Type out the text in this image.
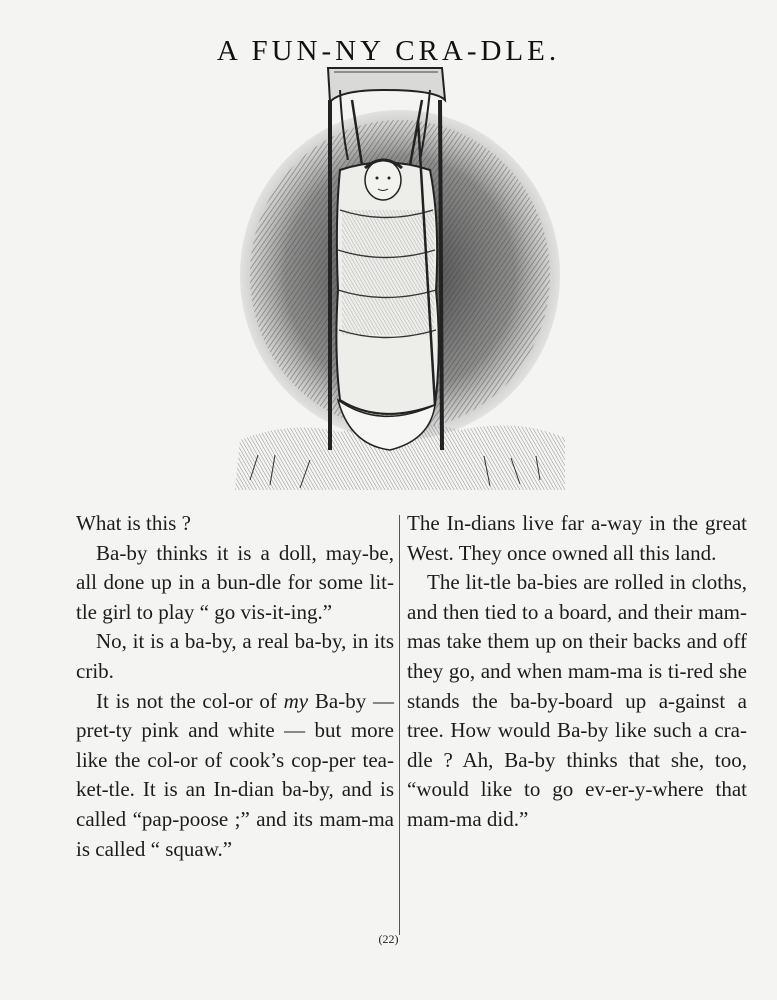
A FUN-NY CRA-DLE.

What is this ?

Ba-by thinks it is a doll, may-be, all done up in a bun-dle for some lit-tle girl to play “ go vis-it-ing.”

No, it is a ba-by, a real ba-by, in its crib.

It is not the col-or of my Ba-by — pret-ty pink and white — but more like the col-or of cook’s cop-per tea-ket-tle. It is an In-dian ba-by, and is called “pap-poose ;” and its mam-ma is called “ squaw.”

The In-dians live far a-way in the great West. They once owned all this land.

The lit-tle ba-bies are rolled in cloths, and then tied to a board, and their mam-mas take them up on their backs and off they go, and when mam-ma is ti-red she stands the ba-by-board up a-gainst a tree. How would Ba-by like such a cra-dle ? Ah, Ba-by thinks that she, too, “would like to go ev-er-y-where that mam-ma did.”

(22)
